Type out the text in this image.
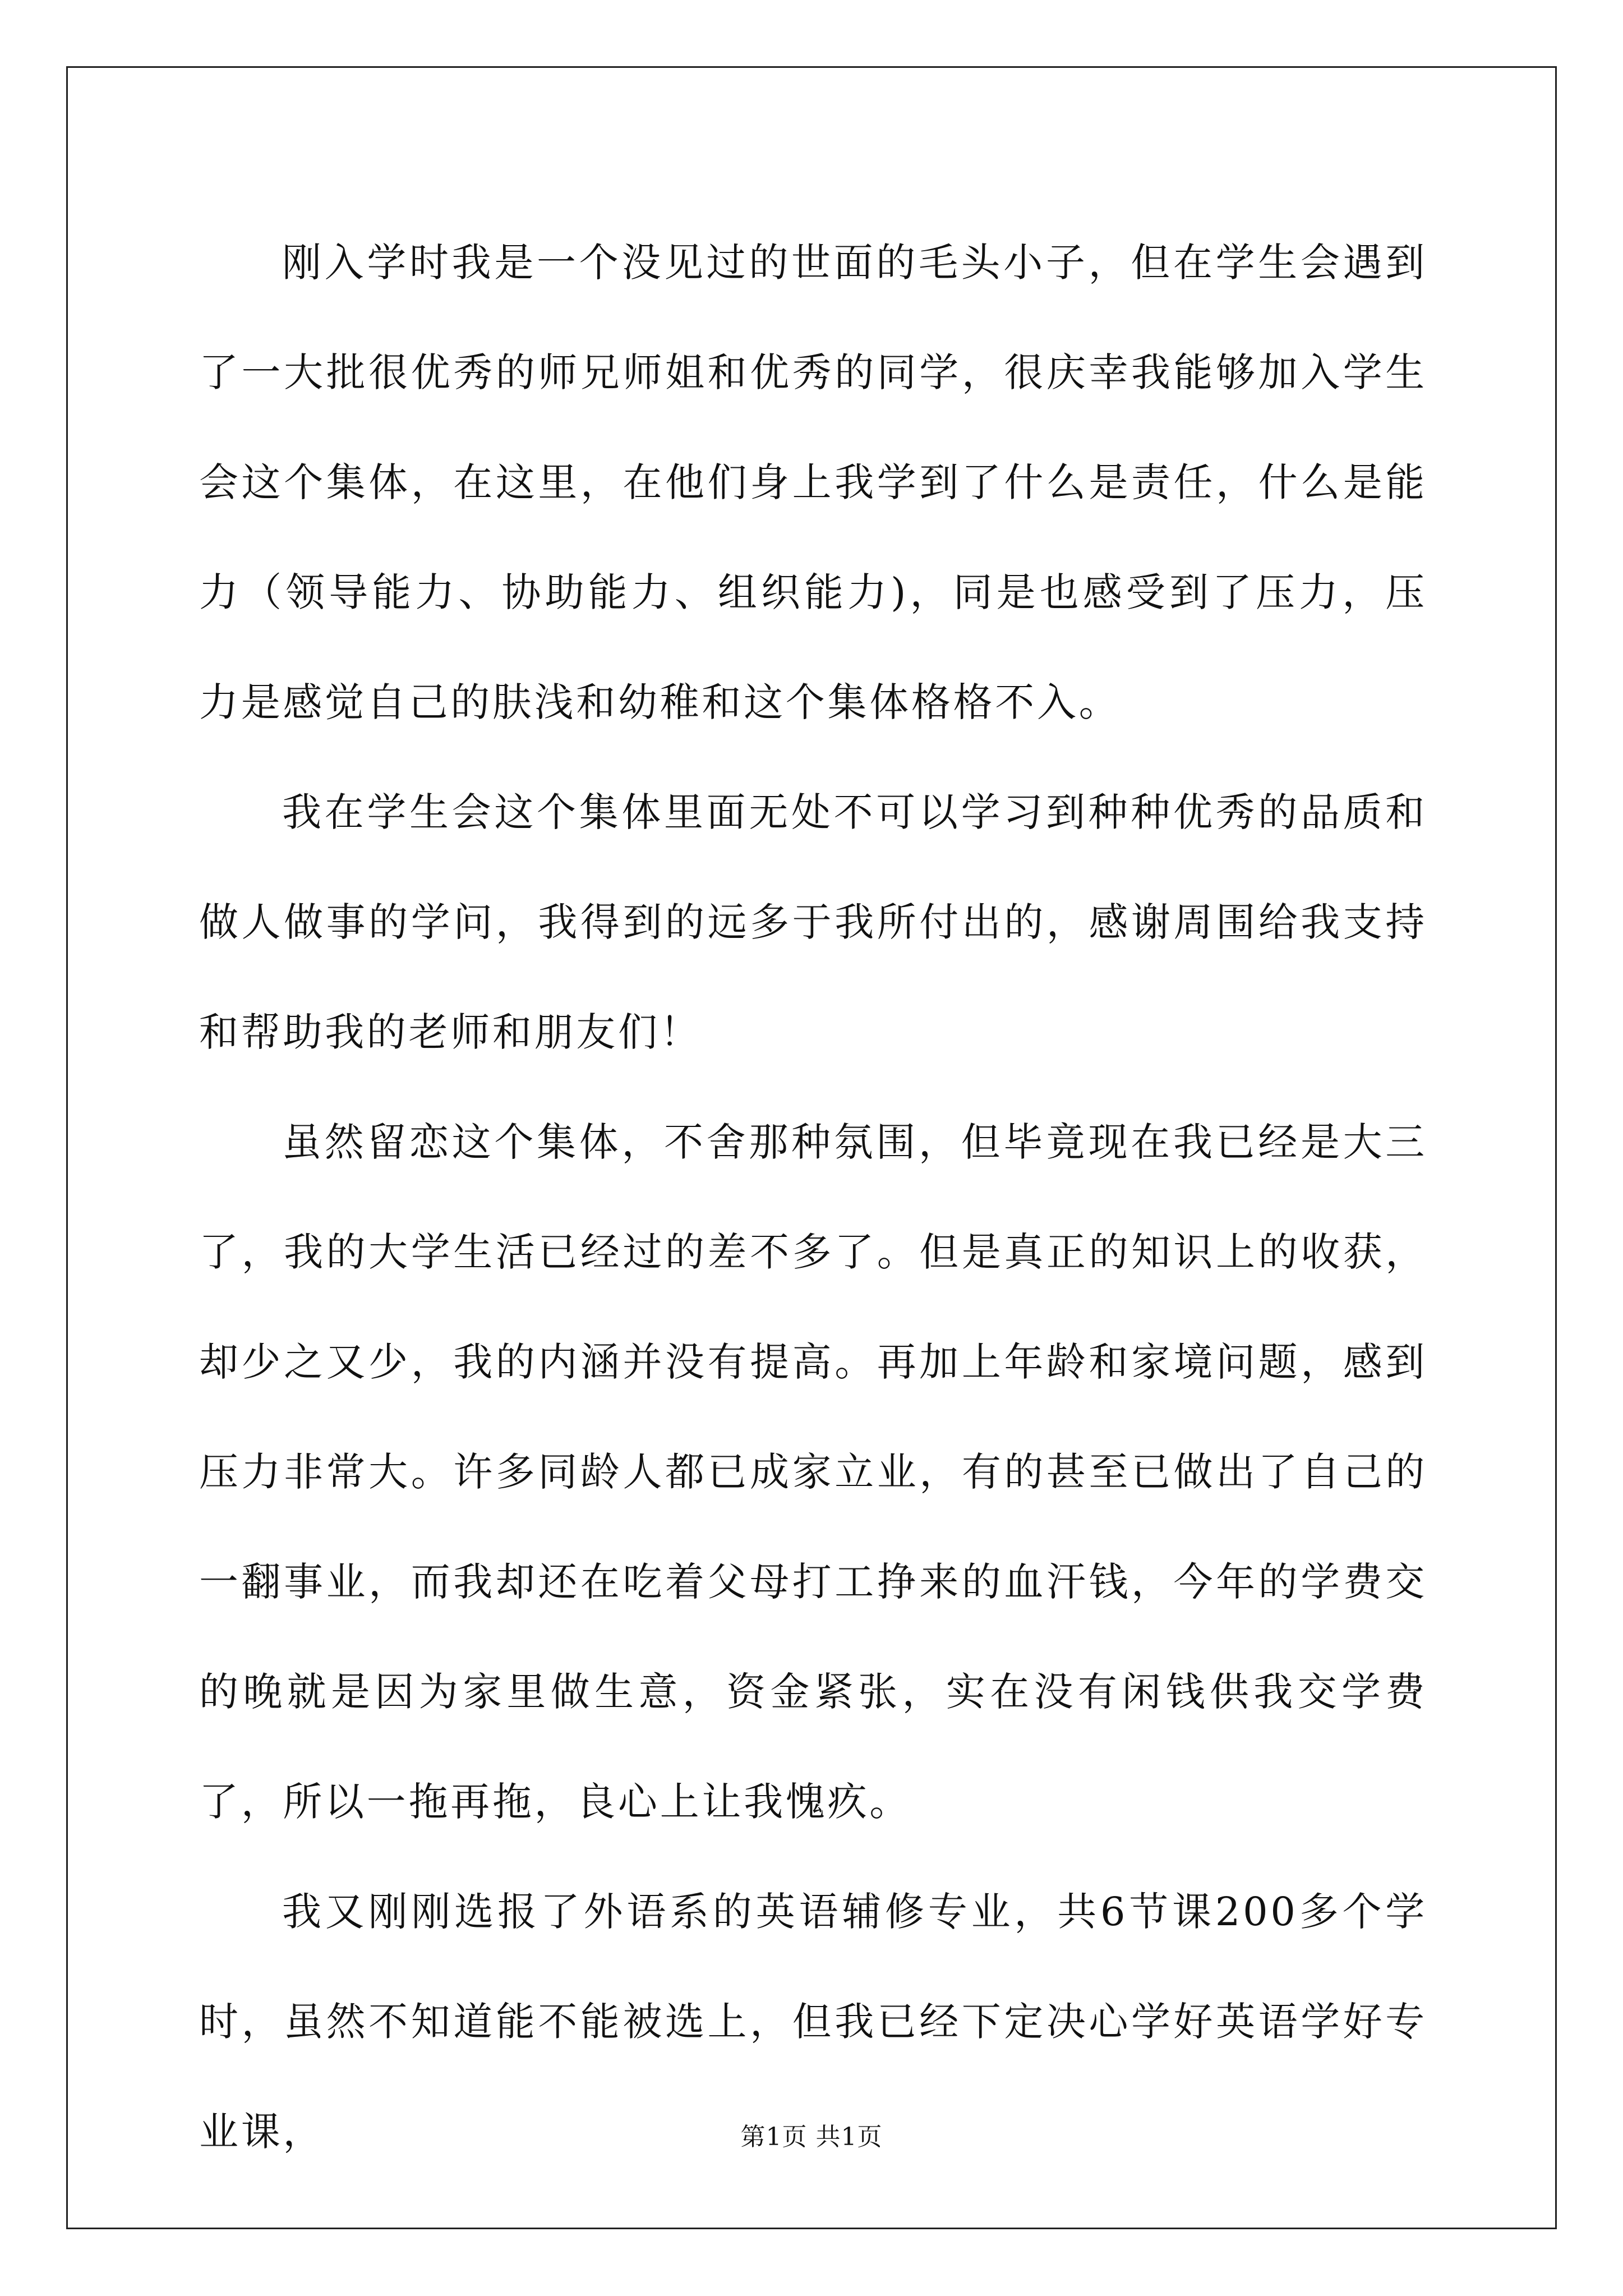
刚入学时我是一个没见过的世面的毛头小子，但在学生会遇到了一大批很优秀的师兄师姐和优秀的同学，很庆幸我能够加入学生会这个集体，在这里，在他们身上我学到了什么是责任，什么是能力（领导能力、协助能力、组织能力)，同是也感受到了压力，压力是感觉自己的肤浅和幼稚和这个集体格格不入。

我在学生会这个集体里面无处不可以学习到种种优秀的品质和做人做事的学问，我得到的远多于我所付出的，感谢周围给我支持和帮助我的老师和朋友们！

虽然留恋这个集体，不舍那种氛围，但毕竟现在我已经是大三了，我的大学生活已经过的差不多了。但是真正的知识上的收获，却少之又少，我的内涵并没有提高。再加上年龄和家境问题，感到压力非常大。许多同龄人都已成家立业，有的甚至已做出了自己的一翻事业，而我却还在吃着父母打工挣来的血汗钱，今年的学费交的晚就是因为家里做生意，资金紧张，实在没有闲钱供我交学费了，所以一拖再拖，良心上让我愧疚。

我又刚刚选报了外语系的英语辅修专业，共6节课200多个学时，虽然不知道能不能被选上，但我已经下定决心学好英语学好专业课，	第1页 共1页
